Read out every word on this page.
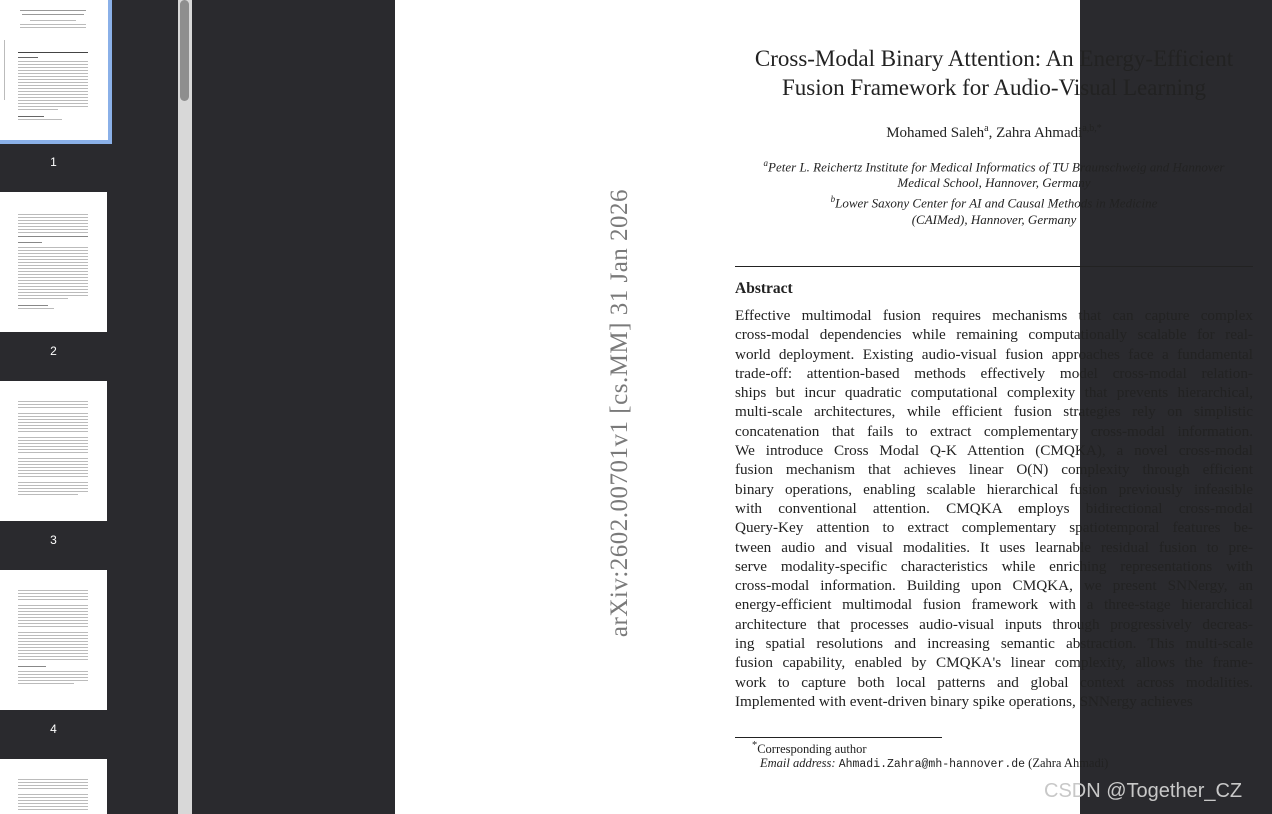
1
2
3
4
arXiv:2602.00701v1 [cs.MM] 31 Jan 2026
Cross-Modal Binary Attention: An Energy-Efficient
Fusion Framework for Audio-Visual Learning
Mohamed Saleh$^a$, Zahra Ahmadi$^{a,b,*}$
$^a$Peter L. Reichertz Institute for Medical Informatics of TU Braunschweig and Hannover
Medical School, Hannover, Germany
$^b$Lower Saxony Center for AI and Causal Methods in Medicine
(CAIMed), Hannover, Germany
Abstract
Effective multimodal fusion requires mechanisms that can capture complex
cross-modal dependencies while remaining computationally scalable for real-
world deployment. Existing audio-visual fusion approaches face a fundamental
trade-off: attention-based methods effectively model cross-modal relation-
ships but incur quadratic computational complexity that prevents hierarchical,
multi-scale architectures, while efficient fusion strategies rely on simplistic
concatenation that fails to extract complementary cross-modal information.
We introduce Cross Modal Q-K Attention (CMQKA), a novel cross-modal
fusion mechanism that achieves linear O(N) complexity through efficient
binary operations, enabling scalable hierarchical fusion previously infeasible
with conventional attention. CMQKA employs bidirectional cross-modal
Query-Key attention to extract complementary spatiotemporal features be-
tween audio and visual modalities. It uses learnable residual fusion to pre-
serve modality-specific characteristics while enriching representations with
cross-modal information. Building upon CMQKA, we present SNNergy, an
energy-efficient multimodal fusion framework with a three-stage hierarchical
architecture that processes audio-visual inputs through progressively decreas-
ing spatial resolutions and increasing semantic abstraction. This multi-scale
fusion capability, enabled by CMQKA's linear complexity, allows the frame-
work to capture both local patterns and global context across modalities.
Implemented with event-driven binary spike operations, SNNergy achieves
*Corresponding author
Email address: Ahmadi.Zahra@mh-hannover.de (Zahra Ahmadi)
CSDN @Together_CZ
